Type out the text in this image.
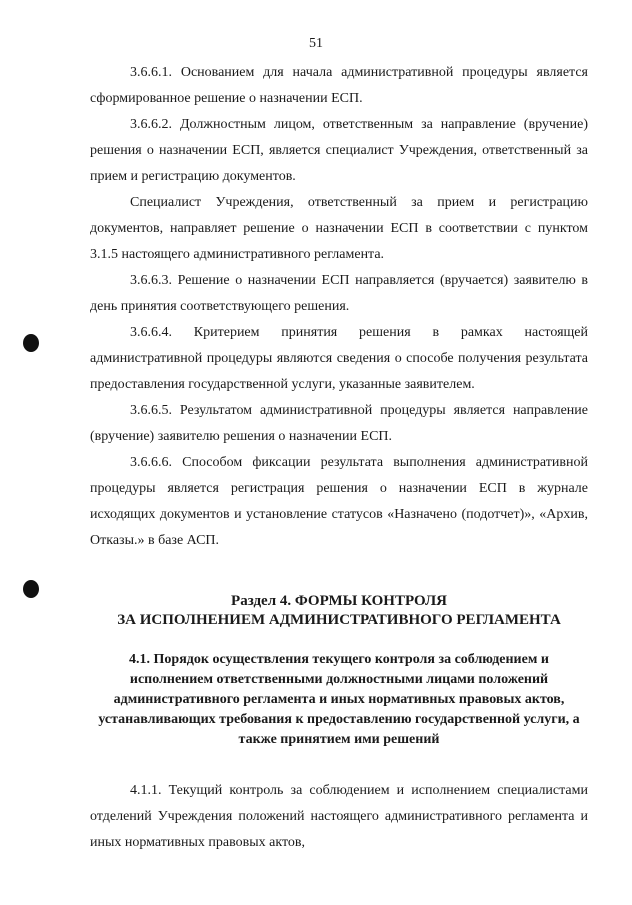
51

3.6.6.1. Основанием для начала административной процедуры является сформированное решение о назначении ЕСП.

3.6.6.2. Должностным лицом, ответственным за направление (вручение) решения о назначении ЕСП, является специалист Учреждения, ответственный за прием и регистрацию документов.

Специалист Учреждения, ответственный за прием и регистрацию документов, направляет решение о назначении ЕСП в соответствии с пунктом 3.1.5 настоящего административного регламента.

3.6.6.3. Решение о назначении ЕСП направляется (вручается) заявителю в день принятия соответствующего решения.

3.6.6.4. Критерием принятия решения в рамках настоящей административной процедуры являются сведения о способе получения результата предоставления государственной услуги, указанные заявителем.

3.6.6.5. Результатом административной процедуры является направление (вручение) заявителю решения о назначении ЕСП.

3.6.6.6. Способом фиксации результата выполнения административной процедуры является регистрация решения о назначении ЕСП в журнале исходящих документов и установление статусов «Назначено (подотчет)», «Архив, Отказы.» в базе АСП.

Раздел 4. ФОРМЫ КОНТРОЛЯ
ЗА ИСПОЛНЕНИЕМ АДМИНИСТРАТИВНОГО РЕГЛАМЕНТА

4.1. Порядок осуществления текущего контроля за соблюдением и исполнением ответственными должностными лицами положений административного регламента и иных нормативных правовых актов, устанавливающих требования к предоставлению государственной услуги, а также принятием ими решений

4.1.1. Текущий контроль за соблюдением и исполнением специалистами отделений Учреждения положений настоящего административного регламента и иных нормативных правовых актов,
